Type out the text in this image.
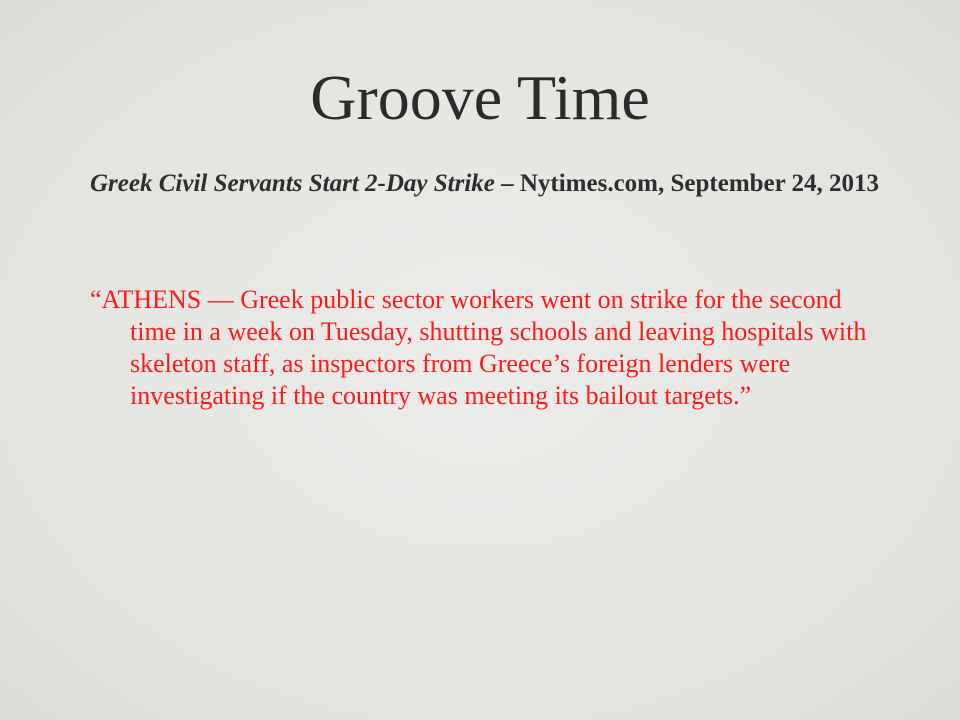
Groove Time

Greek Civil Servants Start 2-Day Strike – Nytimes.com, September 24, 2013

“ATHENS — Greek public sector workers went on strike for the second time in a week on Tuesday, shutting schools and leaving hospitals with skeleton staff, as inspectors from Greece’s foreign lenders were investigating if the country was meeting its bailout targets.”
